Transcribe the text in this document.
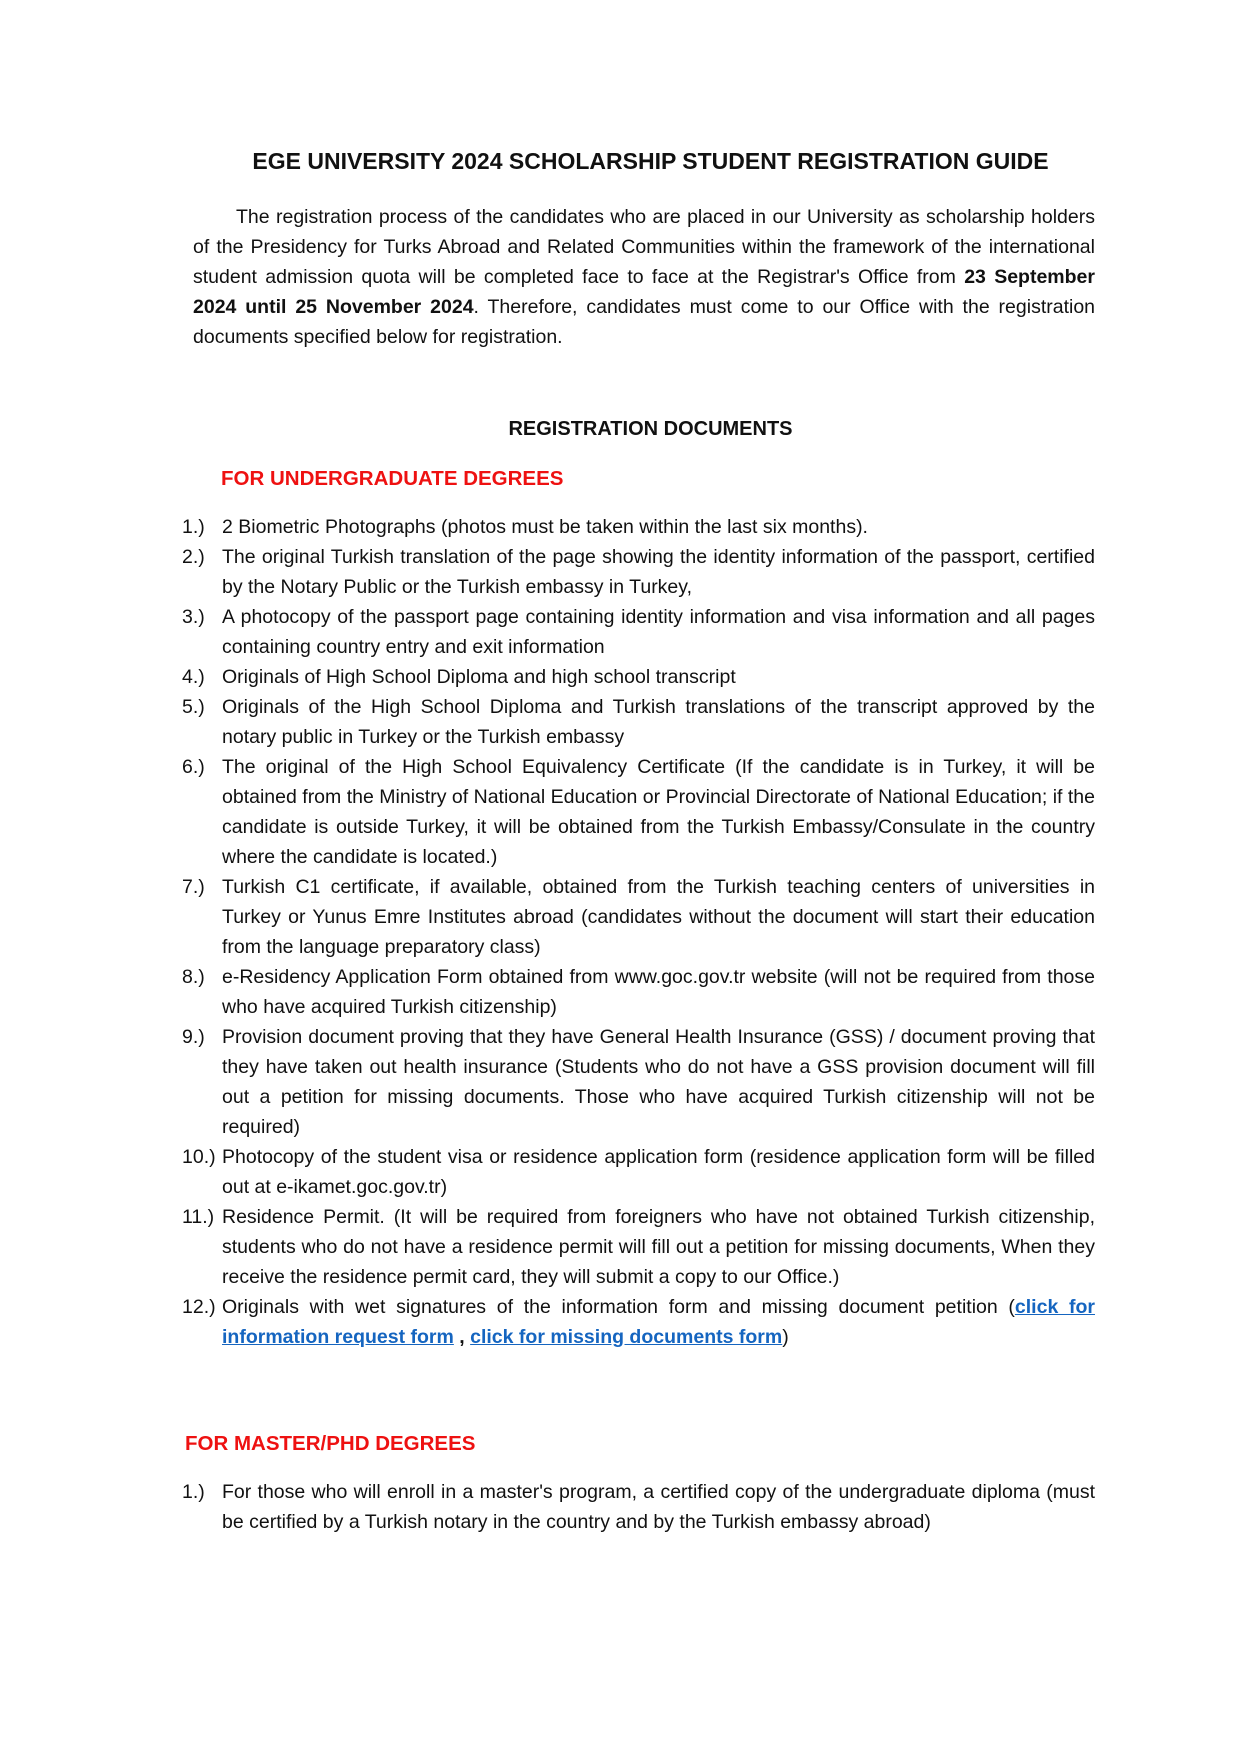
EGE UNIVERSITY 2024 SCHOLARSHIP STUDENT REGISTRATION GUIDE

The registration process of the candidates who are placed in our University as scholarship holders of the Presidency for Turks Abroad and Related Communities within the framework of the international student admission quota will be completed face to face at the Registrar's Office from 23 September 2024 until 25 November 2024. Therefore, candidates must come to our Office with the registration documents specified below for registration.

REGISTRATION DOCUMENTS
FOR UNDERGRADUATE DEGREES
1.) 2 Biometric Photographs (photos must be taken within the last six months).
2.) The original Turkish translation of the page showing the identity information of the passport, certified by the Notary Public or the Turkish embassy in Turkey,
3.) A photocopy of the passport page containing identity information and visa information and all pages containing country entry and exit information
4.) Originals of High School Diploma and high school transcript
5.) Originals of the High School Diploma and Turkish translations of the transcript approved by the notary public in Turkey or the Turkish embassy
6.) The original of the High School Equivalency Certificate (If the candidate is in Turkey, it will be obtained from the Ministry of National Education or Provincial Directorate of National Education; if the candidate is outside Turkey, it will be obtained from the Turkish Embassy/Consulate in the country where the candidate is located.)
7.) Turkish C1 certificate, if available, obtained from the Turkish teaching centers of universities in Turkey or Yunus Emre Institutes abroad (candidates without the document will start their education from the language preparatory class)
8.) e-Residency Application Form obtained from www.goc.gov.tr website (will not be required from those who have acquired Turkish citizenship)
9.) Provision document proving that they have General Health Insurance (GSS) / document proving that they have taken out health insurance (Students who do not have a GSS provision document will fill out a petition for missing documents. Those who have acquired Turkish citizenship will not be required)
10.) Photocopy of the student visa or residence application form (residence application form will be filled out at e-ikamet.goc.gov.tr)
11.) Residence Permit. (It will be required from foreigners who have not obtained Turkish citizenship, students who do not have a residence permit will fill out a petition for missing documents, When they receive the residence permit card, they will submit a copy to our Office.)
12.) Originals with wet signatures of the information form and missing document petition (click for information request form , click for missing documents form)
FOR MASTER/PHD DEGREES
1.) For those who will enroll in a master's program, a certified copy of the undergraduate diploma (must be certified by a Turkish notary in the country and by the Turkish embassy abroad)
